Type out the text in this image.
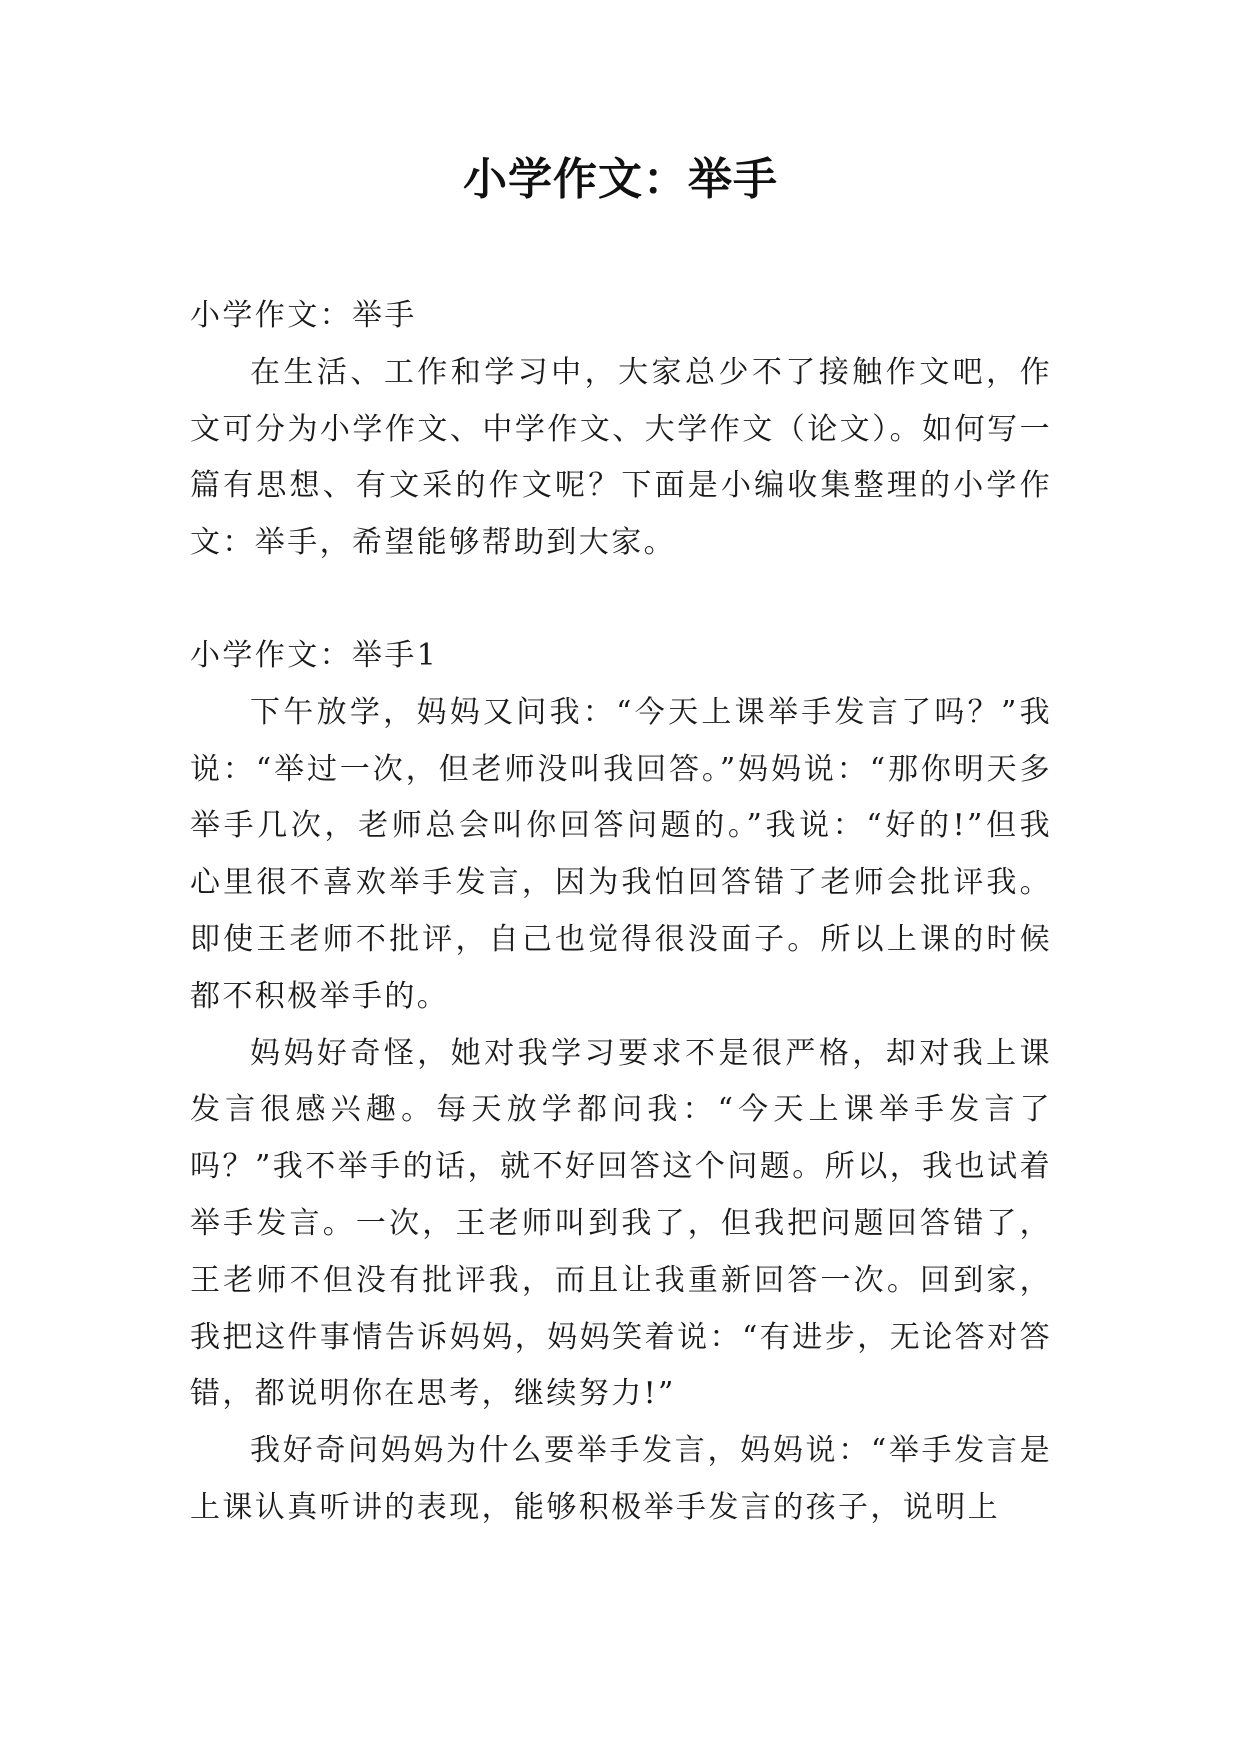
小学作文：举手

小学作文：举手

在生活、工作和学习中，大家总少不了接触作文吧，作文可分为小学作文、中学作文、大学作文（论文）。如何写一篇有思想、有文采的作文呢？下面是小编收集整理的小学作文：举手，希望能够帮助到大家。

小学作文：举手1

下午放学，妈妈又问我：“今天上课举手发言了吗？”我说：“举过一次，但老师没叫我回答。”妈妈说：“那你明天多举手几次，老师总会叫你回答问题的。”我说：“好的!”但我心里很不喜欢举手发言，因为我怕回答错了老师会批评我。即使王老师不批评，自己也觉得很没面子。所以上课的时候都不积极举手的。

妈妈好奇怪，她对我学习要求不是很严格，却对我上课发言很感兴趣。每天放学都问我：“今天上课举手发言了吗？”我不举手的话，就不好回答这个问题。所以，我也试着举手发言。一次，王老师叫到我了，但我把问题回答错了，王老师不但没有批评我，而且让我重新回答一次。回到家，我把这件事情告诉妈妈，妈妈笑着说：“有进步，无论答对答错，都说明你在思考，继续努力!”

我好奇问妈妈为什么要举手发言，妈妈说：“举手发言是上课认真听讲的表现，能够积极举手发言的孩子，说明上
